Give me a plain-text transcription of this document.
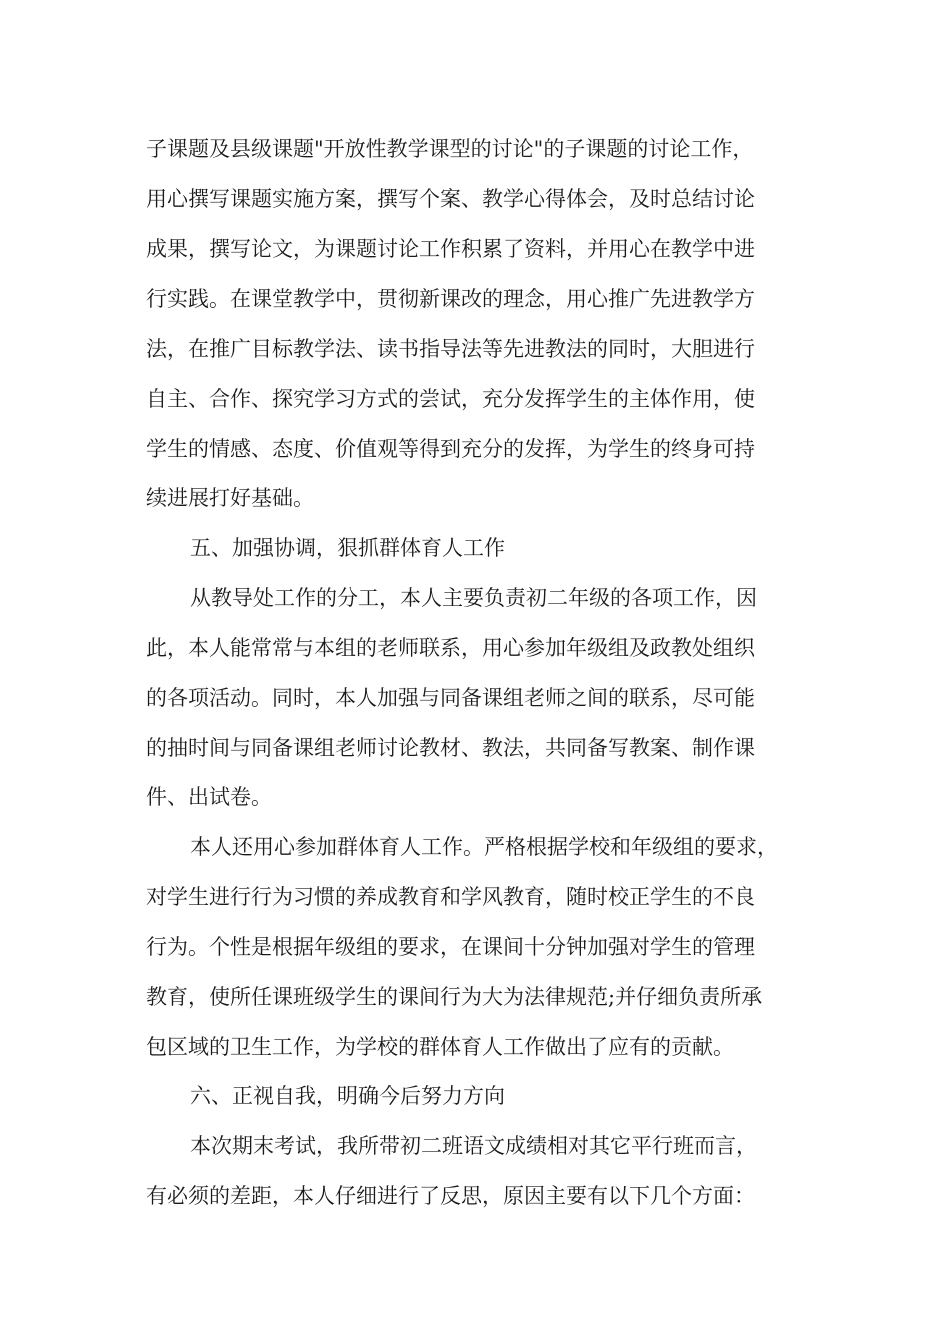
子课题及县级课题"开放性教学课型的讨论"的子课题的讨论工作，

用心撰写课题实施方案，撰写个案、教学心得体会，及时总结讨论

成果，撰写论文，为课题讨论工作积累了资料，并用心在教学中进

行实践。在课堂教学中，贯彻新课改的理念，用心推广先进教学方

法，在推广目标教学法、读书指导法等先进教法的同时，大胆进行

自主、合作、探究学习方式的尝试，充分发挥学生的主体作用，使

学生的情感、态度、价值观等得到充分的发挥，为学生的终身可持

续进展打好基础。

五、加强协调，狠抓群体育人工作

从教导处工作的分工，本人主要负责初二年级的各项工作，因

此，本人能常常与本组的老师联系，用心参加年级组及政教处组织

的各项活动。同时，本人加强与同备课组老师之间的联系，尽可能

的抽时间与同备课组老师讨论教材、教法，共同备写教案、制作课

件、出试卷。

本人还用心参加群体育人工作。严格根据学校和年级组的要求，

对学生进行行为习惯的养成教育和学风教育，随时校正学生的不良

行为。个性是根据年级组的要求，在课间十分钟加强对学生的管理

教育，使所任课班级学生的课间行为大为法律规范;并仔细负责所承

包区域的卫生工作，为学校的群体育人工作做出了应有的贡献。

六、正视自我，明确今后努力方向

本次期末考试，我所带初二班语文成绩相对其它平行班而言，

有必须的差距，本人仔细进行了反思，原因主要有以下几个方面：
